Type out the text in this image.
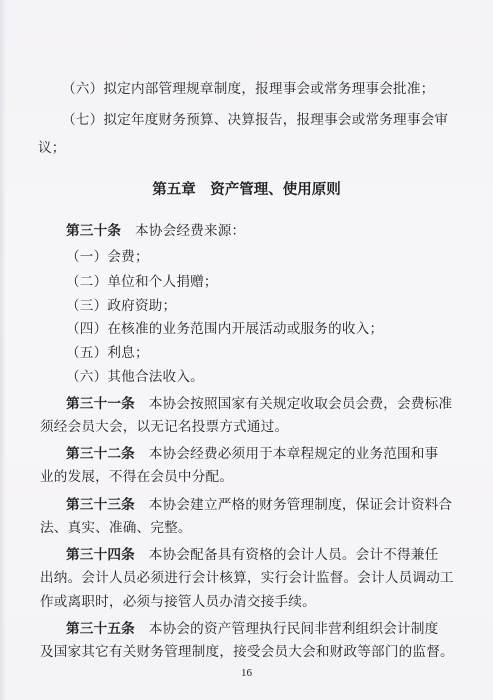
（六）拟定内部管理规章制度，报理事会或常务理事会批准；
（七）拟定年度财务预算、决算报告，报理事会或常务理事会审
议；
第五章　资产管理、使用原则
第三十条　 本协会经费来源：
（一）会费；
（二）单位和个人捐赠；
（三）政府资助；
（四）在核准的业务范围内开展活动或服务的收入；
（五）利息；
（六）其他合法收入。
第三十一条　 本协会按照国家有关规定收取会员会费，会费标准
须经会员大会，以无记名投票方式通过。
第三十二条　 本协会经费必须用于本章程规定的业务范围和事
业的发展，不得在会员中分配。
第三十三条　 本协会建立严格的财务管理制度，保证会计资料合
法、真实、准确、完整。
第三十四条　 本协会配备具有资格的会计人员。会计不得兼任
出纳。会计人员必须进行会计核算，实行会计监督。会计人员调动工
作或离职时，必须与接管人员办清交接手续。
第三十五条　 本协会的资产管理执行民间非营利组织会计制度
及国家其它有关财务管理制度，接受会员大会和财政等部门的监督。
16
